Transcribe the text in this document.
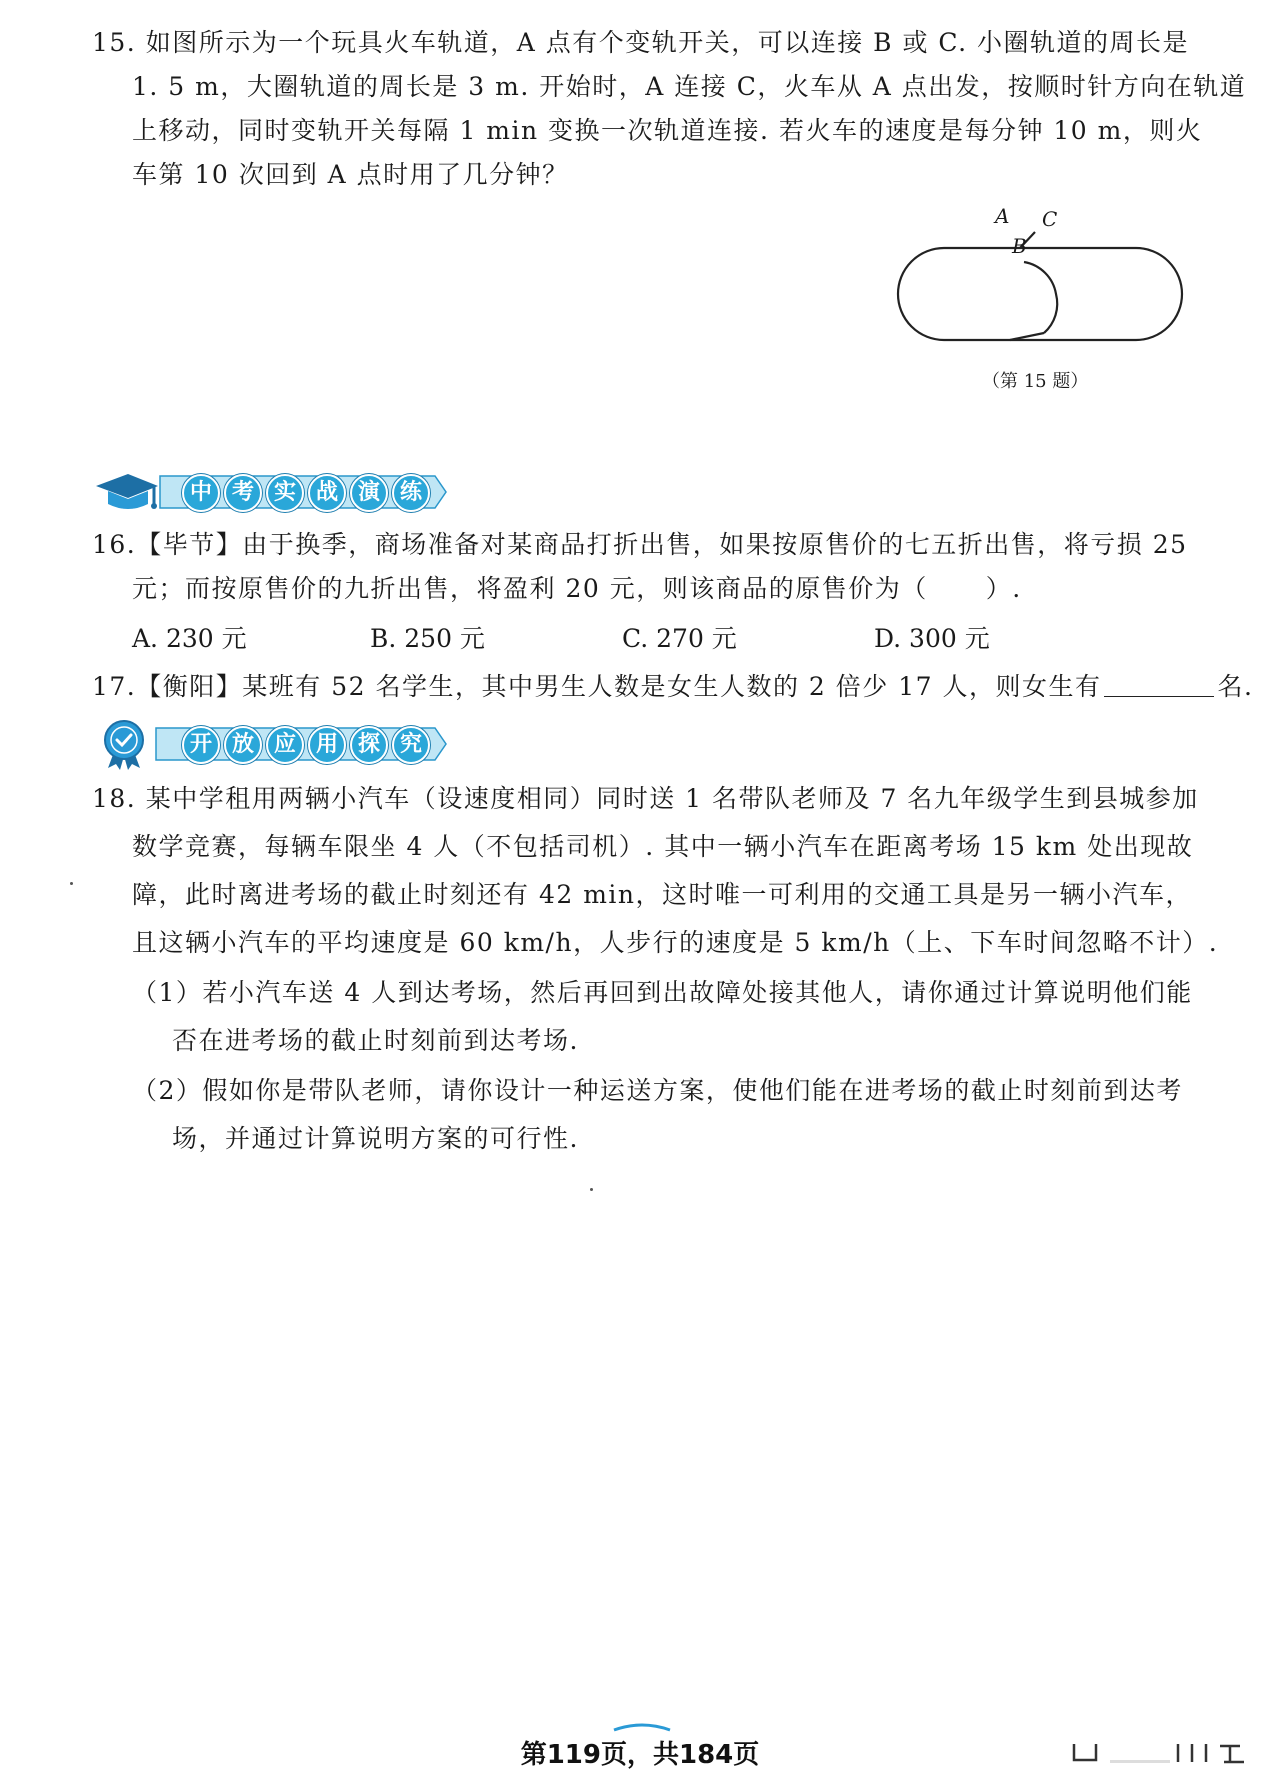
15. 如图所示为一个玩具火车轨道，A 点有个变轨开关，可以连接 B 或 C. 小圈轨道的周长是
1. 5 m，大圈轨道的周长是 3 m. 开始时，A 连接 C，火车从 A 点出发，按顺时针方向在轨道
上移动，同时变轨开关每隔 1 min 变换一次轨道连接. 若火车的速度是每分钟 10 m，则火
车第 10 次回到 A 点时用了几分钟？
A C
B
（第 15 题）
中 考 实 战 演 练
16.【毕节】由于换季，商场准备对某商品打折出售，如果按原售价的七五折出售，将亏损 25
元；而按原售价的九折出售，将盈利 20 元，则该商品的原售价为（ ）.
A. 230 元	B. 250 元	C. 270 元	D. 300 元
17.【衡阳】某班有 52 名学生，其中男生人数是女生人数的 2 倍少 17 人，则女生有	名.
开 放 应 用 探 究
18. 某中学租用两辆小汽车（设速度相同）同时送 1 名带队老师及 7 名九年级学生到县城参加
数学竞赛，每辆车限坐 4 人（不包括司机）. 其中一辆小汽车在距离考场 15 km 处出现故
障，此时离进考场的截止时刻还有 42 min，这时唯一可利用的交通工具是另一辆小汽车，
且这辆小汽车的平均速度是 60 km/h，人步行的速度是 5 km/h（上、下车时间忽略不计）.
（1）若小汽车送 4 人到达考场，然后再回到出故障处接其他人，请你通过计算说明他们能
否在进考场的截止时刻前到达考场.
（2）假如你是带队老师，请你设计一种运送方案，使他们能在进考场的截止时刻前到达考
场，并通过计算说明方案的可行性.
第119页，共184页
